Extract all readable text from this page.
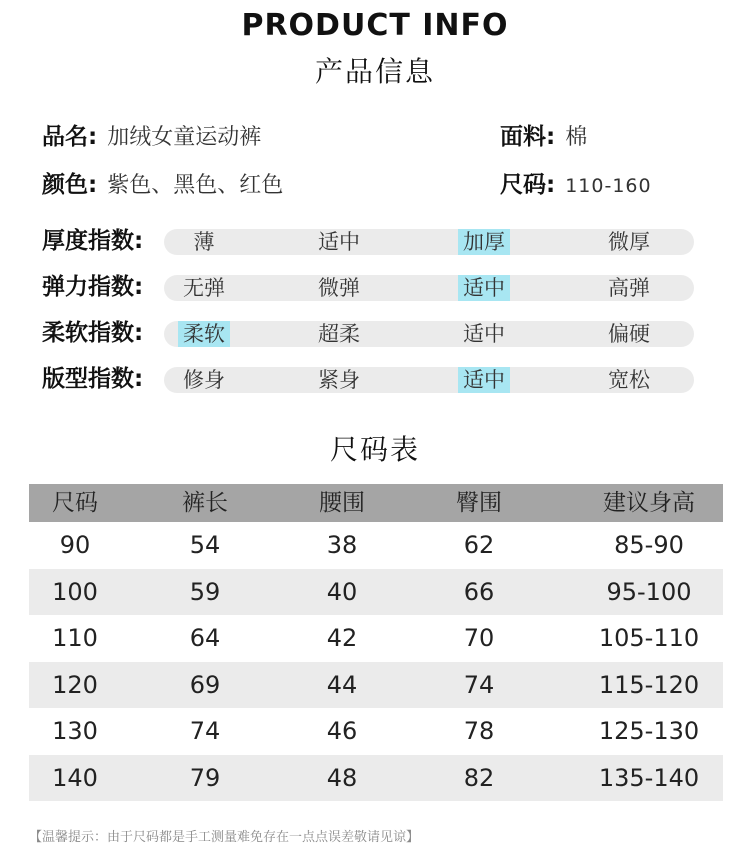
PRODUCT INFO
产品信息
品名: 加绒女童运动裤	面料: 棉
颜色: 紫色、黑色、红色	尺码: 110-160
厚度指数:	薄	适中	加厚	微厚
弹力指数:	无弹	微弹	适中	高弹
柔软指数:	柔软	超柔	适中	偏硬
版型指数:	修身	紧身	适中	宽松
尺码表
尺码	裤长	腰围	臀围	建议身高
90	54	38	62	85-90
100	59	40	66	95-100
110	64	42	70	105-110
120	69	44	74	115-120
130	74	46	78	125-130
140	79	48	82	135-140
【温馨提示：由于尺码都是手工测量难免存在一点点误差敬请见谅】
